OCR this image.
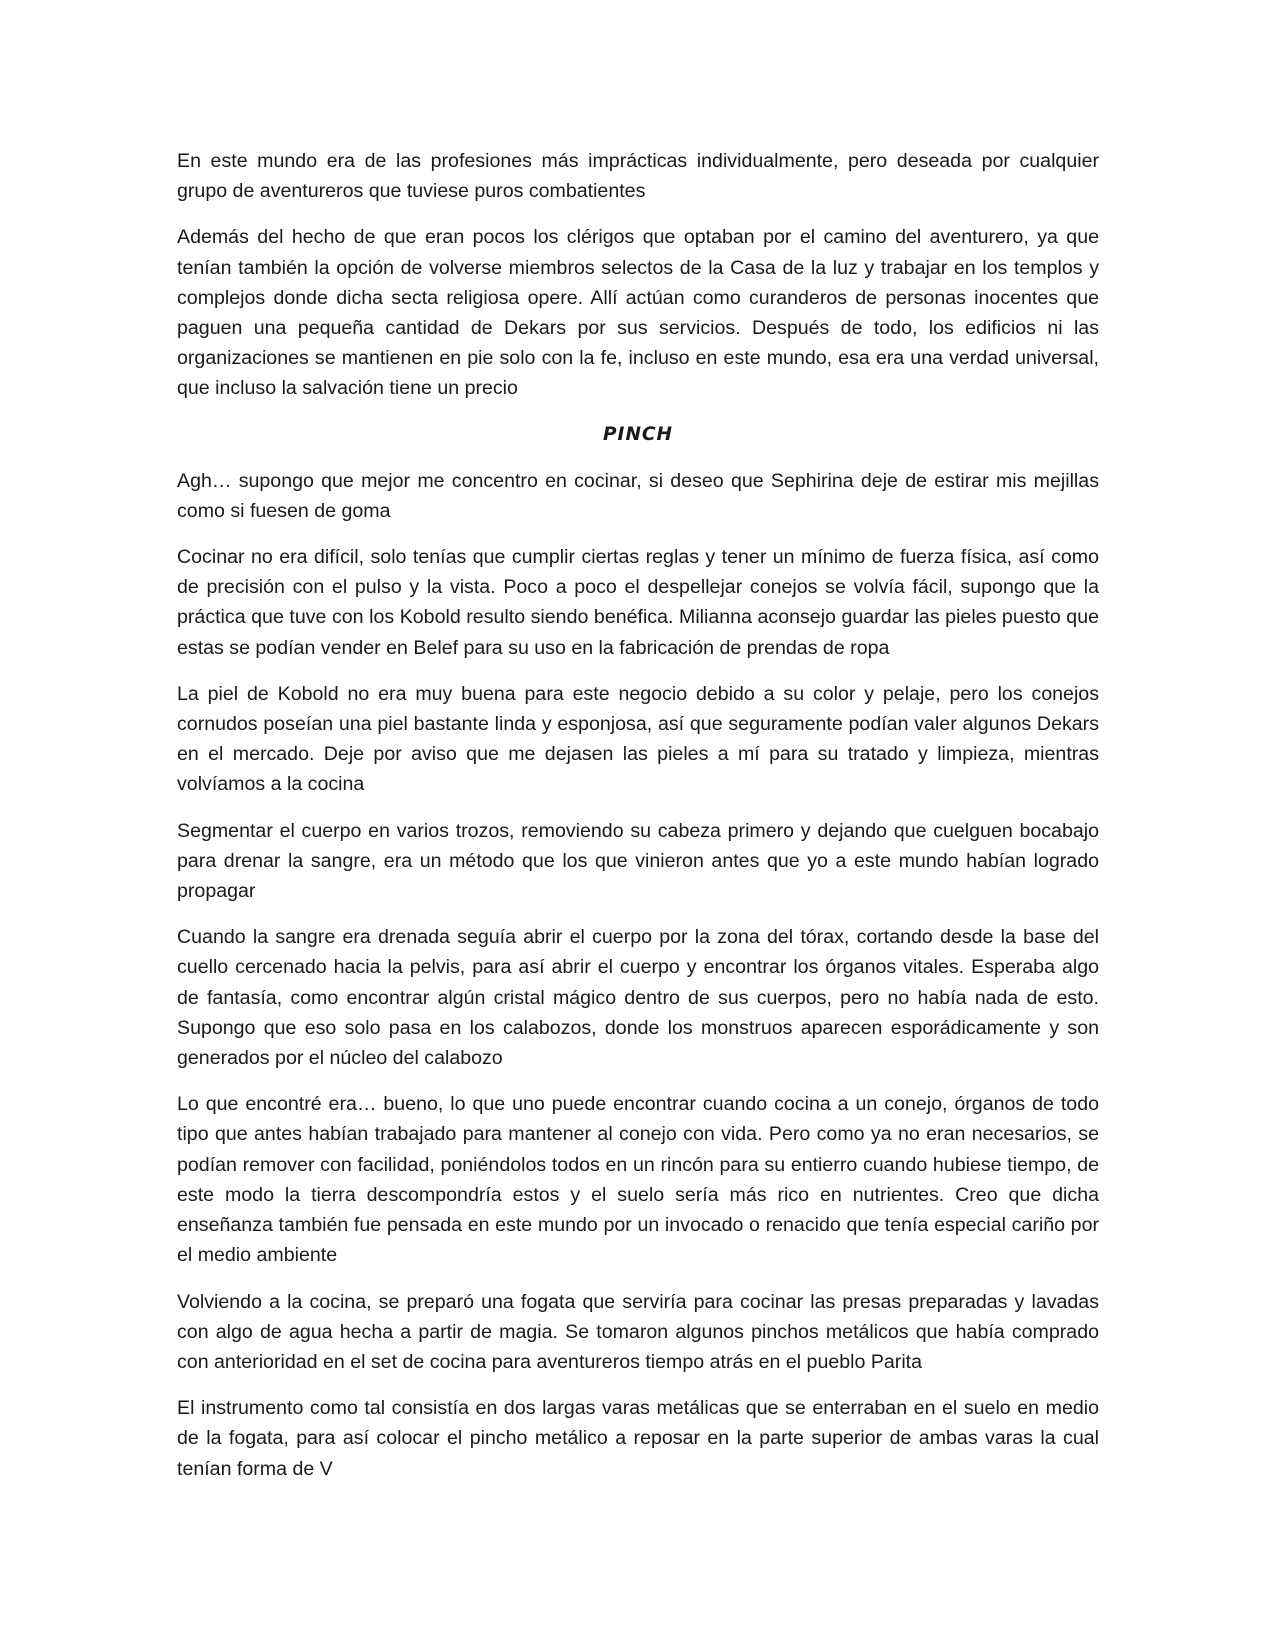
En este mundo era de las profesiones más imprácticas individualmente, pero deseada por cualquier grupo de aventureros que tuviese puros combatientes

Además del hecho de que eran pocos los clérigos que optaban por el camino del aventurero, ya que tenían también la opción de volverse miembros selectos de la Casa de la luz y trabajar en los templos y complejos donde dicha secta religiosa opere. Allí actúan como curanderos de personas inocentes que paguen una pequeña cantidad de Dekars por sus servicios. Después de todo, los edificios ni las organizaciones se mantienen en pie solo con la fe, incluso en este mundo, esa era una verdad universal, que incluso la salvación tiene un precio

PINCH

Agh… supongo que mejor me concentro en cocinar, si deseo que Sephirina deje de estirar mis mejillas como si fuesen de goma

Cocinar no era difícil, solo tenías que cumplir ciertas reglas y tener un mínimo de fuerza física, así como de precisión con el pulso y la vista. Poco a poco el despellejar conejos se volvía fácil, supongo que la práctica que tuve con los Kobold resulto siendo benéfica. Milianna aconsejo guardar las pieles puesto que estas se podían vender en Belef para su uso en la fabricación de prendas de ropa

La piel de Kobold no era muy buena para este negocio debido a su color y pelaje, pero los conejos cornudos poseían una piel bastante linda y esponjosa, así que seguramente podían valer algunos Dekars en el mercado. Deje por aviso que me dejasen las pieles a mí para su tratado y limpieza, mientras volvíamos a la cocina

Segmentar el cuerpo en varios trozos, removiendo su cabeza primero y dejando que cuelguen bocabajo para drenar la sangre, era un método que los que vinieron antes que yo a este mundo habían logrado propagar

Cuando la sangre era drenada seguía abrir el cuerpo por la zona del tórax, cortando desde la base del cuello cercenado hacia la pelvis, para así abrir el cuerpo y encontrar los órganos vitales. Esperaba algo de fantasía, como encontrar algún cristal mágico dentro de sus cuerpos, pero no había nada de esto. Supongo que eso solo pasa en los calabozos, donde los monstruos aparecen esporádicamente y son generados por el núcleo del calabozo

Lo que encontré era… bueno, lo que uno puede encontrar cuando cocina a un conejo, órganos de todo tipo que antes habían trabajado para mantener al conejo con vida. Pero como ya no eran necesarios, se podían remover con facilidad, poniéndolos todos en un rincón para su entierro cuando hubiese tiempo, de este modo la tierra descompondría estos y el suelo sería más rico en nutrientes. Creo que dicha enseñanza también fue pensada en este mundo por un invocado o renacido que tenía especial cariño por el medio ambiente

Volviendo a la cocina, se preparó una fogata que serviría para cocinar las presas preparadas y lavadas con algo de agua hecha a partir de magia. Se tomaron algunos pinchos metálicos que había comprado con anterioridad en el set de cocina para aventureros tiempo atrás en el pueblo Parita

El instrumento como tal consistía en dos largas varas metálicas que se enterraban en el suelo en medio de la fogata, para así colocar el pincho metálico a reposar en la parte superior de ambas varas la cual tenían forma de V
